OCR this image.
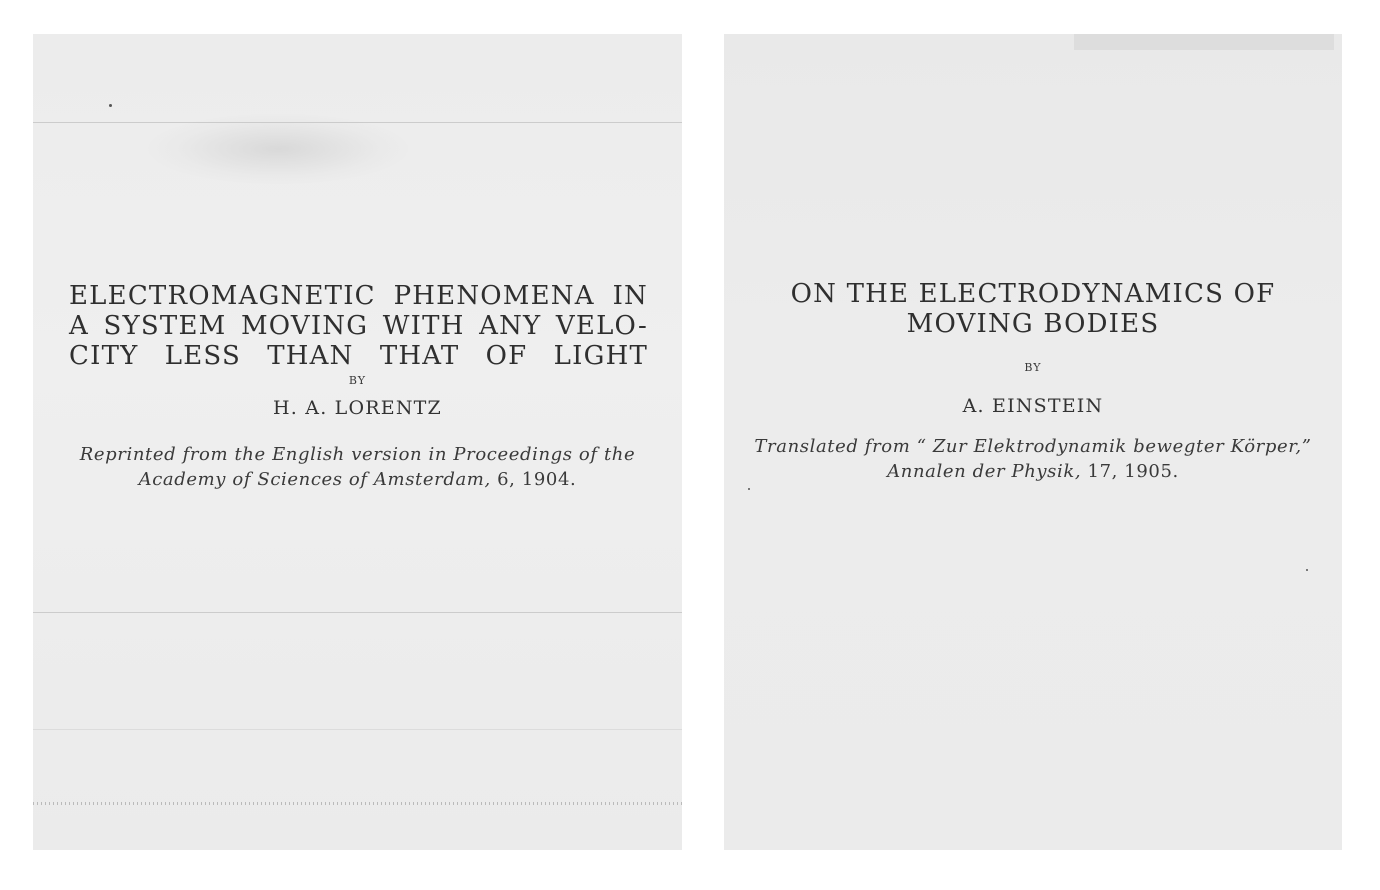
ELECTROMAGNETIC PHENOMENA IN
A SYSTEM MOVING WITH ANY VELO-
CITY LESS THAN THAT OF LIGHT
BY
H. A. LORENTZ
Reprinted from the English version in Proceedings of the
Academy of Sciences of Amsterdam, 6, 1904.
ON THE ELECTRODYNAMICS OF
MOVING BODIES
BY
A. EINSTEIN
Translated from “ Zur Elektrodynamik bewegter Körper,”
Annalen der Physik, 17, 1905.
